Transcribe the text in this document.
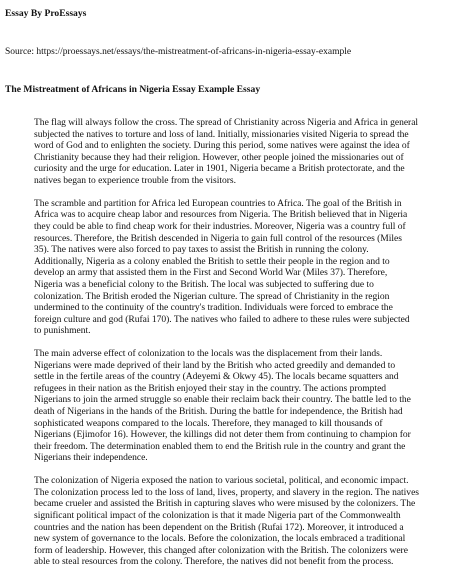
Essay By ProEssays
Source: https://proessays.net/essays/the-mistreatment-of-africans-in-nigeria-essay-example
The Mistreatment of Africans in Nigeria Essay Example Essay
The flag will always follow the cross. The spread of Christianity across Nigeria and Africa in general
subjected the natives to torture and loss of land. Initially, missionaries visited Nigeria to spread the
word of God and to enlighten the society. During this period, some natives were against the idea of
Christianity because they had their religion. However, other people joined the missionaries out of
curiosity and the urge for education. Later in 1901, Nigeria became a British protectorate, and the
natives began to experience trouble from the visitors.
The scramble and partition for Africa led European countries to Africa. The goal of the British in
Africa was to acquire cheap labor and resources from Nigeria. The British believed that in Nigeria
they could be able to find cheap work for their industries. Moreover, Nigeria was a country full of
resources. Therefore, the British descended in Nigeria to gain full control of the resources (Miles
35). The natives were also forced to pay taxes to assist the British in running the colony.
Additionally, Nigeria as a colony enabled the British to settle their people in the region and to
develop an army that assisted them in the First and Second World War (Miles 37). Therefore,
Nigeria was a beneficial colony to the British. The local was subjected to suffering due to
colonization. The British eroded the Nigerian culture. The spread of Christianity in the region
undermined to the continuity of the country's tradition. Individuals were forced to embrace the
foreign culture and god (Rufai 170). The natives who failed to adhere to these rules were subjected
to punishment.
The main adverse effect of colonization to the locals was the displacement from their lands.
Nigerians were made deprived of their land by the British who acted greedily and demanded to
settle in the fertile areas of the country (Adeyemi & Okwy 45). The locals became squatters and
refugees in their nation as the British enjoyed their stay in the country. The actions prompted
Nigerians to join the armed struggle so enable their reclaim back their country. The battle led to the
death of Nigerians in the hands of the British. During the battle for independence, the British had
sophisticated weapons compared to the locals. Therefore, they managed to kill thousands of
Nigerians (Ejimofor 16). However, the killings did not deter them from continuing to champion for
their freedom. The determination enabled them to end the British rule in the country and grant the
Nigerians their independence.
The colonization of Nigeria exposed the nation to various societal, political, and economic impact.
The colonization process led to the loss of land, lives, property, and slavery in the region. The natives
became crueler and assisted the British in capturing slaves who were misused by the colonizers. The
significant political impact of the colonization is that it made Nigeria part of the Commonwealth
countries and the nation has been dependent on the British (Rufai 172). Moreover, it introduced a
new system of governance to the locals. Before the colonization, the locals embraced a traditional
form of leadership. However, this changed after colonization with the British. The colonizers were
able to steal resources from the colony. Therefore, the natives did not benefit from the process.
